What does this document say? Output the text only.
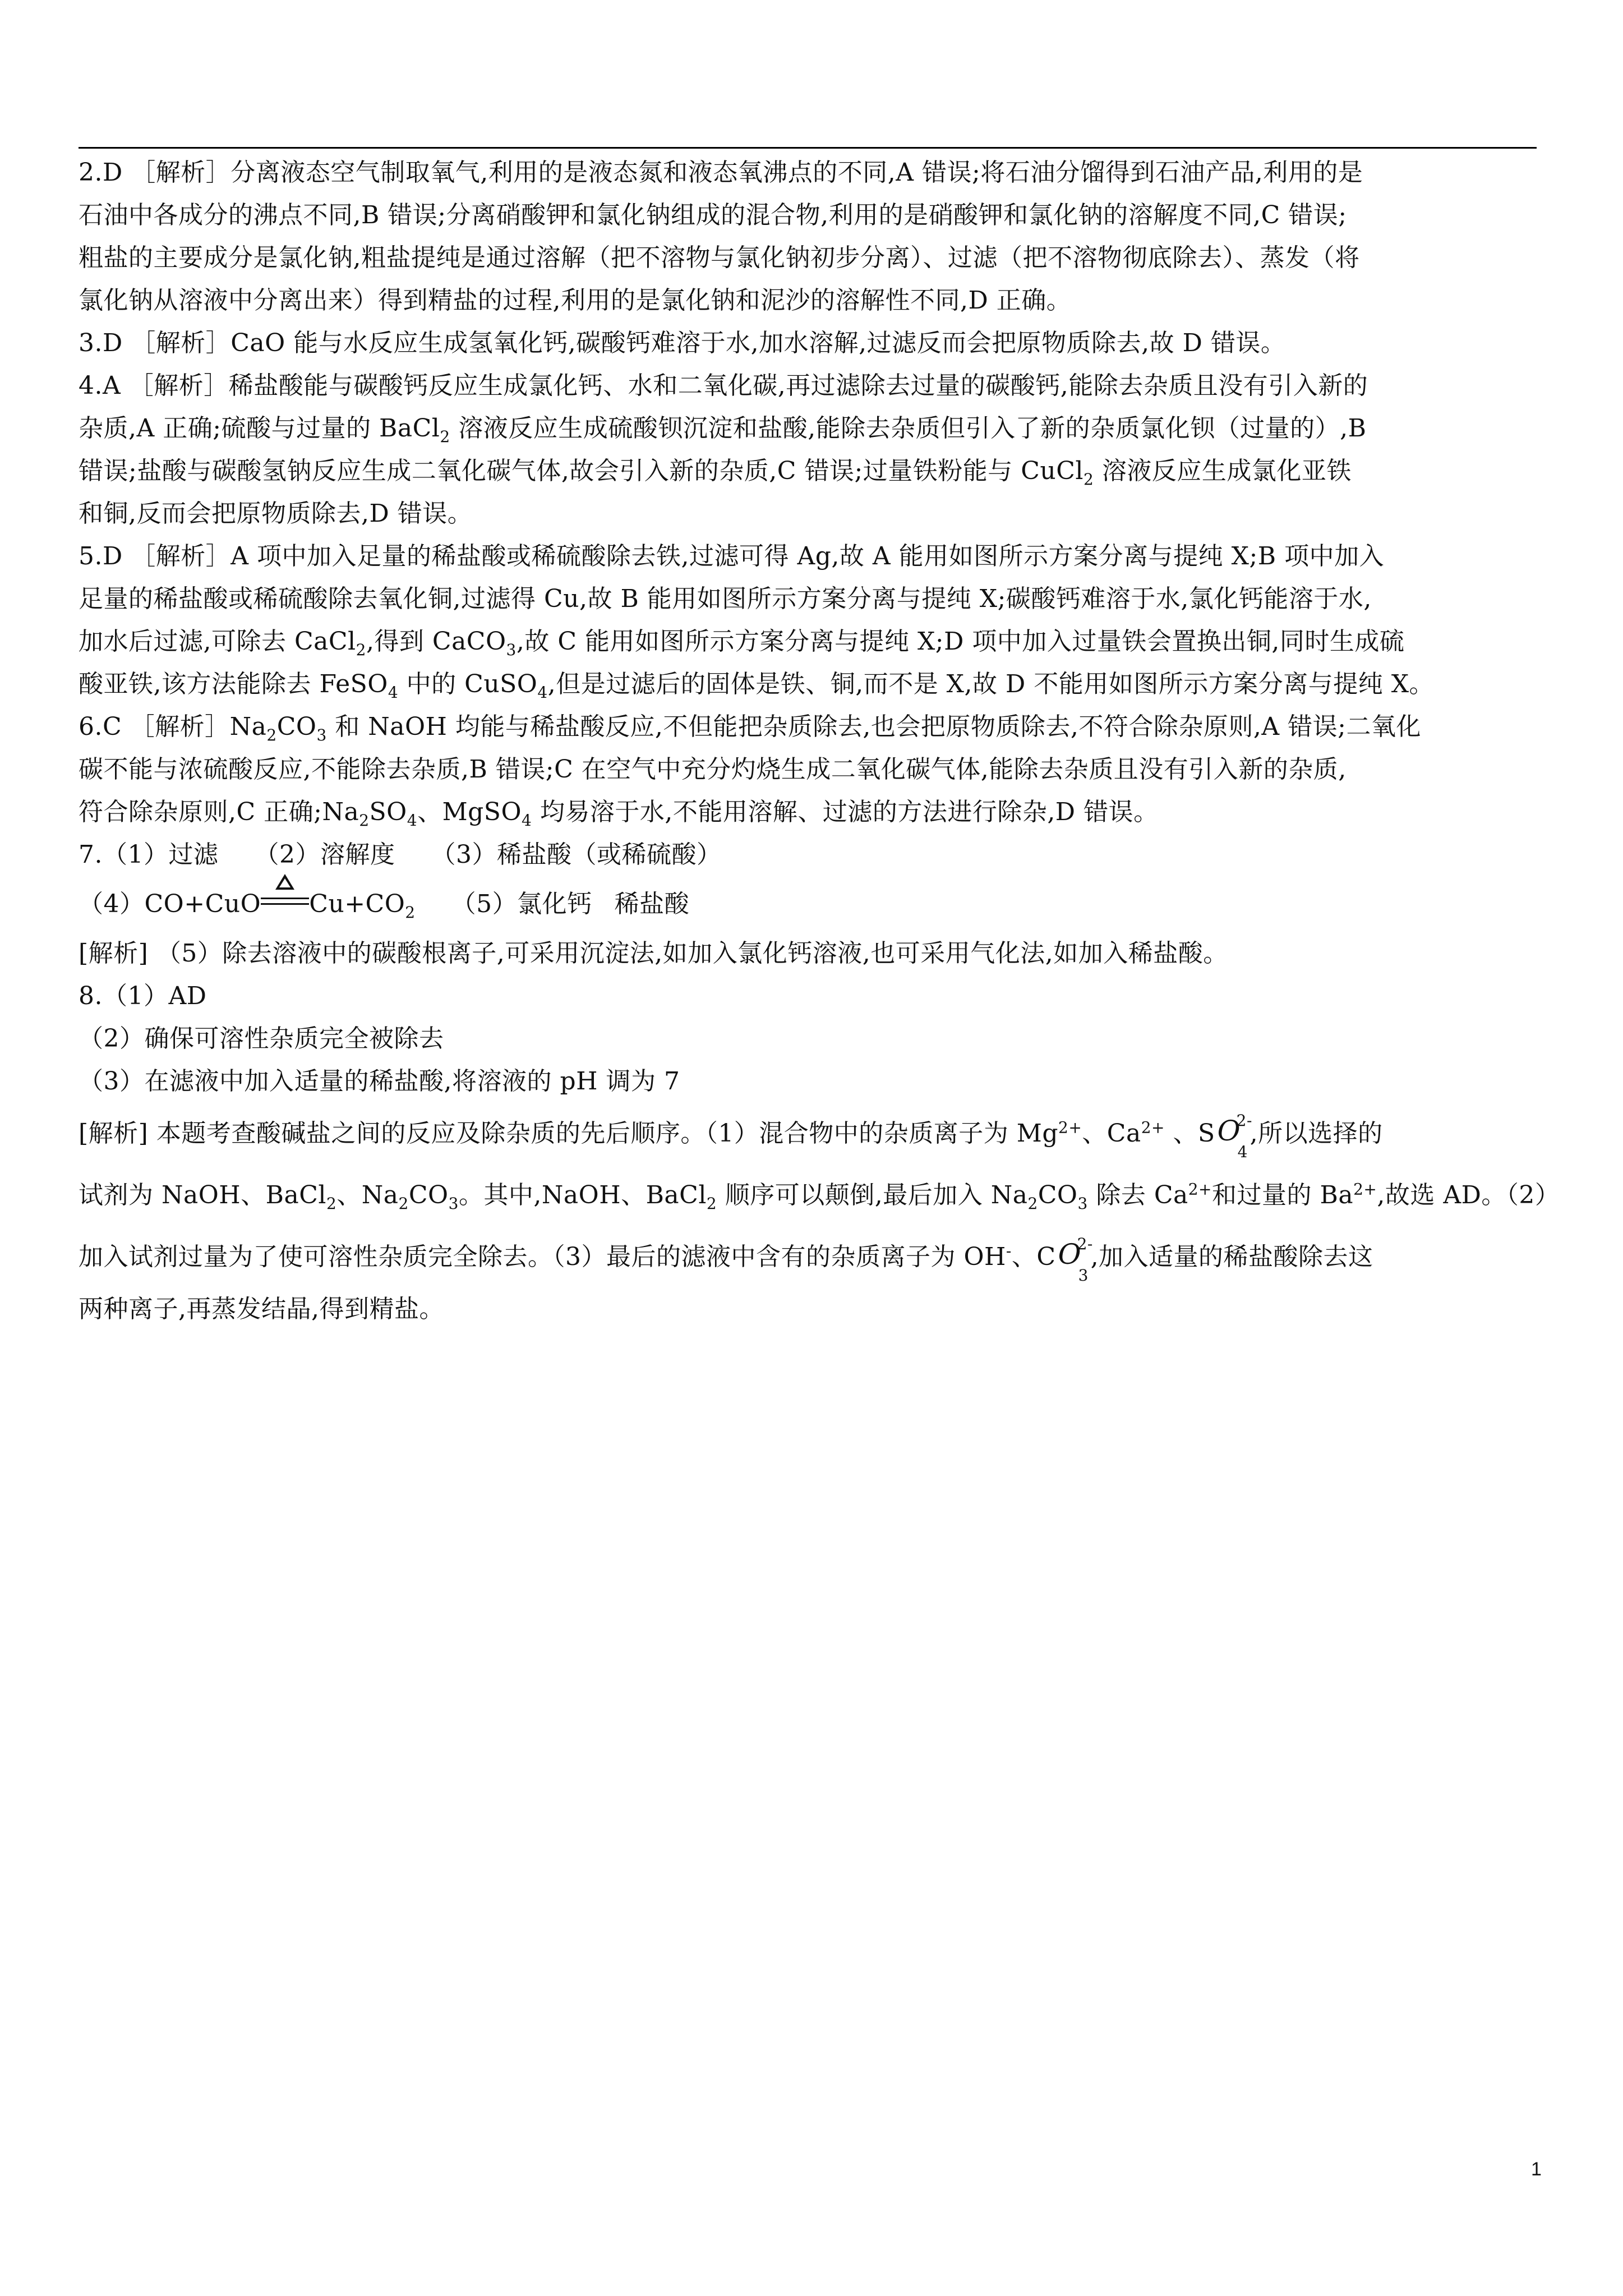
2.D ［解析］分离液态空气制取氧气,利用的是液态氮和液态氧沸点的不同,A 错误;将石油分馏得到石油产品,利用的是
石油中各成分的沸点不同,B 错误;分离硝酸钾和氯化钠组成的混合物,利用的是硝酸钾和氯化钠的溶解度不同,C 错误;
粗盐的主要成分是氯化钠,粗盐提纯是通过溶解（把不溶物与氯化钠初步分离）、过滤（把不溶物彻底除去）、蒸发（将
氯化钠从溶液中分离出来）得到精盐的过程,利用的是氯化钠和泥沙的溶解性不同,D 正确。
3.D ［解析］CaO 能与水反应生成氢氧化钙,碳酸钙难溶于水,加水溶解,过滤反而会把原物质除去,故 D 错误。
4.A ［解析］稀盐酸能与碳酸钙反应生成氯化钙、水和二氧化碳,再过滤除去过量的碳酸钙,能除去杂质且没有引入新的
杂质,A 正确;硫酸与过量的 BaCl$_2$ 溶液反应生成硫酸钡沉淀和盐酸,能除去杂质但引入了新的杂质氯化钡（过量的）,B
错误;盐酸与碳酸氢钠反应生成二氧化碳气体,故会引入新的杂质,C 错误;过量铁粉能与 CuCl$_2$ 溶液反应生成氯化亚铁
和铜,反而会把原物质除去,D 错误。
5.D ［解析］A 项中加入足量的稀盐酸或稀硫酸除去铁,过滤可得 Ag,故 A 能用如图所示方案分离与提纯 X;B 项中加入
足量的稀盐酸或稀硫酸除去氧化铜,过滤得 Cu,故 B 能用如图所示方案分离与提纯 X;碳酸钙难溶于水,氯化钙能溶于水,
加水后过滤,可除去 CaCl$_2$,得到 CaCO$_3$,故 C 能用如图所示方案分离与提纯 X;D 项中加入过量铁会置换出铜,同时生成硫
酸亚铁,该方法能除去 FeSO$_4$ 中的 CuSO$_4$,但是过滤后的固体是铁、铜,而不是 X,故 D 不能用如图所示方案分离与提纯 X。
6.C ［解析$]Na_2CO_3$ 和 NaOH 均能与稀盐酸反应,不但能把杂质除去,也会把原物质除去,不符合除杂原则,A 错误;二氧化
碳不能与浓硫酸反应,不能除去杂质,B 错误;C 在空气中充分灼烧生成二氧化碳气体,能除去杂质且没有引入新的杂质,
符合除杂原则,C 正确$;Na_2SO_4$、MgSO$_4$ 均易溶于水,不能用溶解、过滤的方法进行除杂,D 错误。
7.（1）过滤 （2）溶解度 （3）稀盐酸（或稀硫酸）
（4）CO+CuO $Cu+CO_2$ （5）氯化钙 稀盐酸
[解析] （5）除去溶液中的碳酸根离子,可采用沉淀法,如加入氯化钙溶液,也可采用气化法,如加入稀盐酸。
8.（1）AD
（2）确保可溶性杂质完全被除去
（3）在滤液中加入适量的稀盐酸,将溶液的 pH 调为 7
[解析] 本题考查酸碱盐之间的反应及除杂质的先后顺序。（1）混合物中的杂质离子为 $Mg^{2+}$、$Ca^{2+}$ 、S O
2-
4
,所以选择的
试剂为 NaOH、BaCl$_2$、$Na_2CO_3$。其中,NaOH、BaCl$_2$ 顺序可以颠倒,最后加入 $Na_2CO_3$ 除去 $Ca^{2+}$和过量的 $Ba^{2+}$,故选 AD。（2）
加入试剂过量为了使可溶性杂质完全除去。（3）最后的滤液中含有的杂质离子为 OH-、C O
2-
3
,加入适量的稀盐酸除去这
两种离子,再蒸发结晶,得到精盐。
1
